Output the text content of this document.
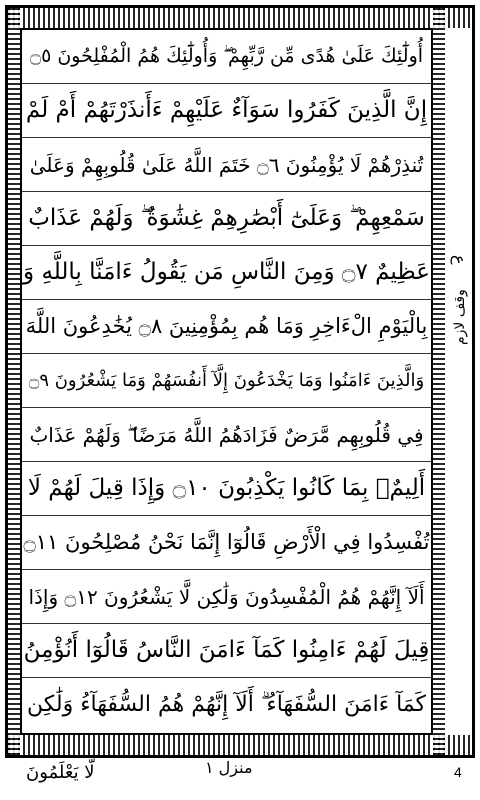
أُولَٰٓئِكَ عَلَىٰ هُدًى مِّن رَّبِّهِمْ ۖ وَأُولَٰٓئِكَ هُمُ الْمُفْلِحُونَ ۝٥
إِنَّ الَّذِينَ كَفَرُوا سَوَآءٌ عَلَيْهِمْ ءَأَنذَرْتَهُمْ أَمْ لَمْ
تُنذِرْهُمْ لَا يُؤْمِنُونَ ۝٦ خَتَمَ اللَّهُ عَلَىٰ قُلُوبِهِمْ وَعَلَىٰ
سَمْعِهِمْ ۖ وَعَلَىٰٓ أَبْصَٰرِهِمْ غِشَٰوَةٌ ۖ وَلَهُمْ عَذَابٌ
عَظِيمٌ ۝٧ وَمِنَ النَّاسِ مَن يَقُولُ ءَامَنَّا بِاللَّهِ وَ
بِالْيَوْمِ الْءَاخِرِ وَمَا هُم بِمُؤْمِنِينَ ۝٨ يُخَٰدِعُونَ اللَّهَ
وَالَّذِينَ ءَامَنُوا وَمَا يَخْدَعُونَ إِلَّآ أَنفُسَهُمْ وَمَا يَشْعُرُونَ ۝٩
فِي قُلُوبِهِم مَّرَضٌ فَزَادَهُمُ اللَّهُ مَرَضًا ۖ وَلَهُمْ عَذَابٌ
أَلِيمٌۢ بِمَا كَانُوا يَكْذِبُونَ ۝١٠ وَإِذَا قِيلَ لَهُمْ لَا
تُفْسِدُوا فِي الْأَرْضِ قَالُوٓا إِنَّمَا نَحْنُ مُصْلِحُونَ ۝١١
أَلَآ إِنَّهُمْ هُمُ الْمُفْسِدُونَ وَلَٰكِن لَّا يَشْعُرُونَ ۝١٢ وَإِذَا
قِيلَ لَهُمْ ءَامِنُوا كَمَآ ءَامَنَ النَّاسُ قَالُوٓا أَنُؤْمِنُ
كَمَآ ءَامَنَ السُّفَهَآءُ ۗ أَلَآ إِنَّهُمْ هُمُ السُّفَهَآءُ وَلَٰكِن
ع
وقف لازم
لَّا يَعْلَمُونَ	منزل ١	4
